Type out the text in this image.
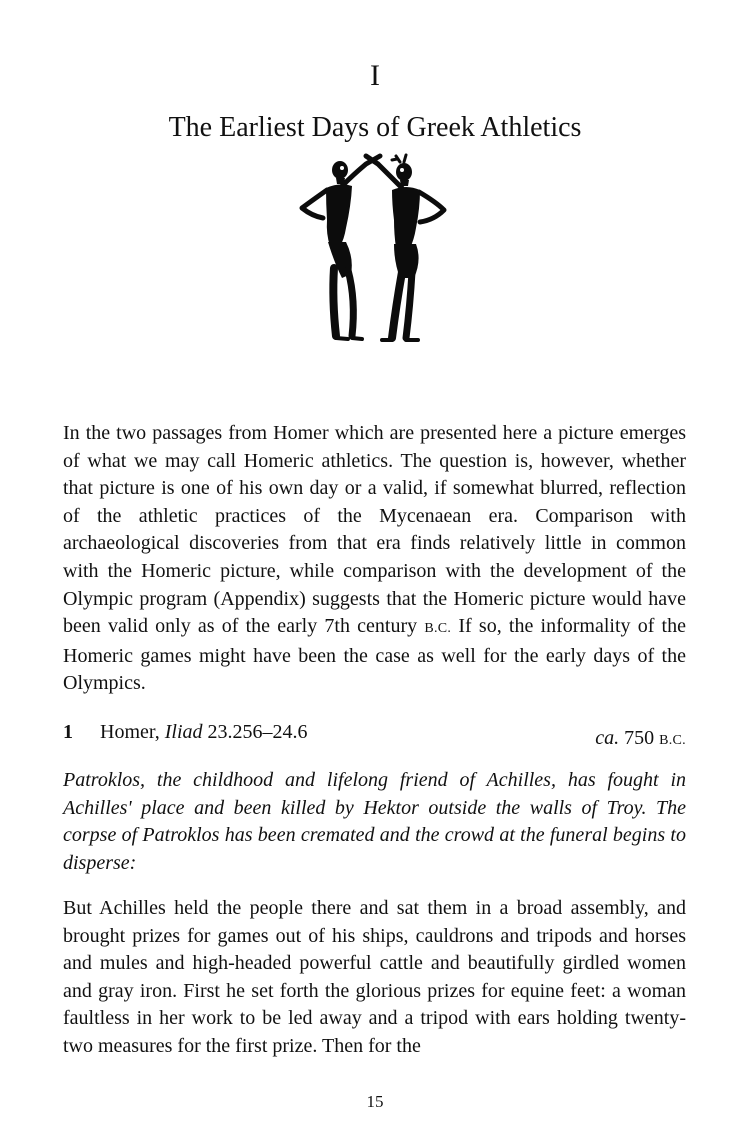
I
The Earliest Days of Greek Athletics

In the two passages from Homer which are presented here a picture emerges of what we may call Homeric athletics. The question is, however, whether that picture is one of his own day or a valid, if somewhat blurred, reflection of the athletic practices of the Mycenaean era. Comparison with archaeological discoveries from that era finds relatively little in common with the Homeric picture, while comparison with the development of the Olympic program (Appendix) suggests that the Homeric picture would have been valid only as of the early 7th century B.C. If so, the informality of the Homeric games might have been the case as well for the early days of the Olympics.

1 Homer, Iliad 23.256–24.6	ca. 750 B.C.

Patroklos, the childhood and lifelong friend of Achilles, has fought in Achilles' place and been killed by Hektor outside the walls of Troy. The corpse of Patroklos has been cremated and the crowd at the funeral begins to disperse:

But Achilles held the people there and sat them in a broad assembly, and brought prizes for games out of his ships, cauldrons and tripods and horses and mules and high-headed powerful cattle and beautifully girdled women and gray iron. First he set forth the glorious prizes for equine feet: a woman faultless in her work to be led away and a tripod with ears holding twenty-two measures for the first prize. Then for the

15
